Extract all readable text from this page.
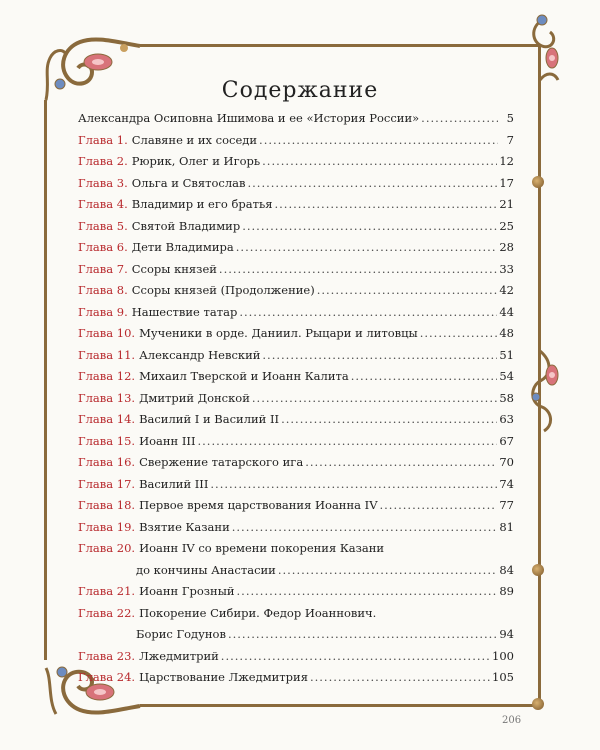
Содержание
Александра Осиповна Ишимова и ее «История России» .....	5
Глава 1. Славяне и их соседи .....	7
Глава 2. Рюрик, Олег и Игорь .....	12
Глава 3. Ольга и Святослав .....	17
Глава 4. Владимир и его братья .....	21
Глава 5. Святой Владимир .....	25
Глава 6. Дети Владимира .....	28
Глава 7. Ссоры князей .....	33
Глава 8. Ссоры князей (Продолжение) .....	42
Глава 9. Нашествие татар .....	44
Глава 10. Мученики в орде. Даниил. Рыцари и литовцы .....	48
Глава 11. Александр Невский .....	51
Глава 12. Михаил Тверской и Иоанн Калита .....	54
Глава 13. Дмитрий Донской .....	58
Глава 14. Василий I и Василий II .....	63
Глава 15. Иоанн III .....	67
Глава 16. Свержение татарского ига .....	70
Глава 17. Василий III .....	74
Глава 18. Первое время царствования Иоанна IV .....	77
Глава 19. Взятие Казани .....	81
Глава 20. Иоанн IV со времени покорения Казани
до кончины Анастасии .....	84
Глава 21. Иоанн Грозный .....	89
Глава 22. Покорение Сибири. Федор Иоаннович.
Борис Годунов .....	94
Глава 23. Лжедмитрий .....	100
Глава 24. Царствование Лжедмитрия .....	105
206
